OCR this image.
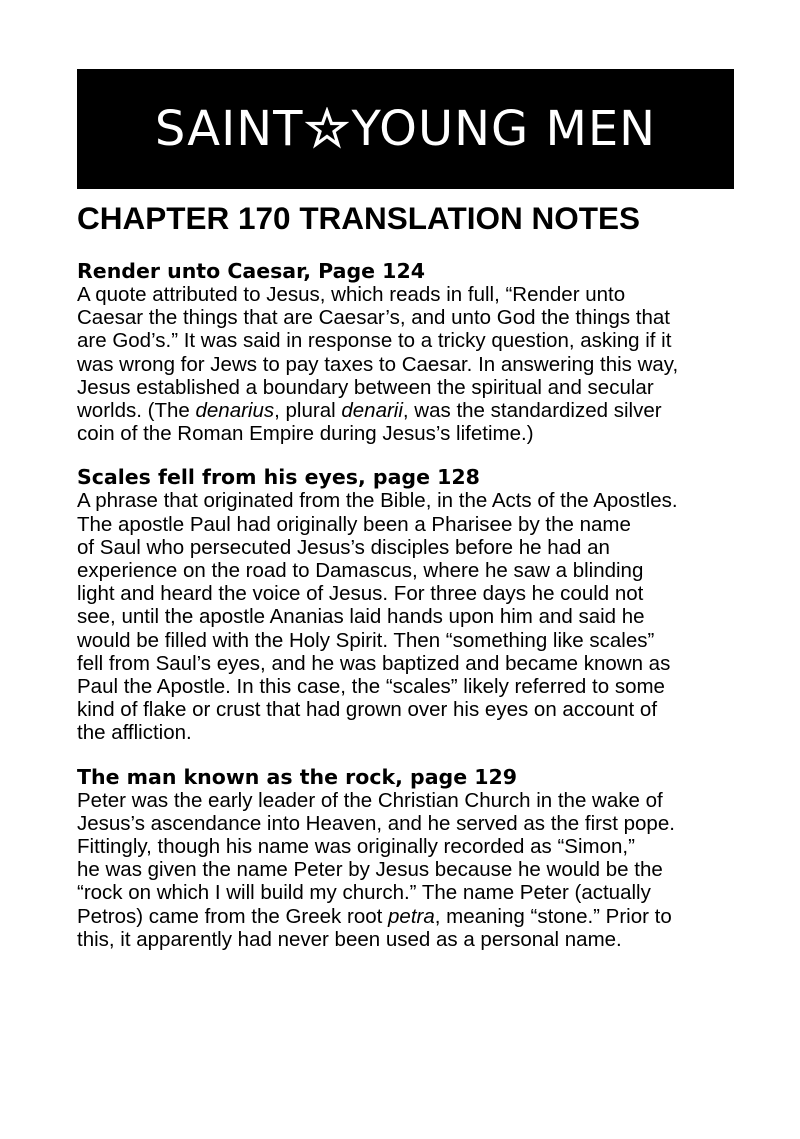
SAINT YOUNG MEN
CHAPTER 170 TRANSLATION NOTES
Render unto Caesar, Page 124
A quote attributed to Jesus, which reads in full, “Render unto
Caesar the things that are Caesar’s, and unto God the things that
are God’s.” It was said in response to a tricky question, asking if it
was wrong for Jews to pay taxes to Caesar. In answering this way,
Jesus established a boundary between the spiritual and secular
worlds. (The denarius, plural denarii, was the standardized silver
coin of the Roman Empire during Jesus’s lifetime.)
Scales fell from his eyes, page 128
A phrase that originated from the Bible, in the Acts of the Apostles.
The apostle Paul had originally been a Pharisee by the name
of Saul who persecuted Jesus’s disciples before he had an
experience on the road to Damascus, where he saw a blinding
light and heard the voice of Jesus. For three days he could not
see, until the apostle Ananias laid hands upon him and said he
would be filled with the Holy Spirit. Then “something like scales”
fell from Saul’s eyes, and he was baptized and became known as
Paul the Apostle. In this case, the “scales” likely referred to some
kind of flake or crust that had grown over his eyes on account of
the affliction.
The man known as the rock, page 129
Peter was the early leader of the Christian Church in the wake of
Jesus’s ascendance into Heaven, and he served as the first pope.
Fittingly, though his name was originally recorded as “Simon,”
he was given the name Peter by Jesus because he would be the
“rock on which I will build my church.” The name Peter (actually
Petros) came from the Greek root petra, meaning “stone.” Prior to
this, it apparently had never been used as a personal name.
